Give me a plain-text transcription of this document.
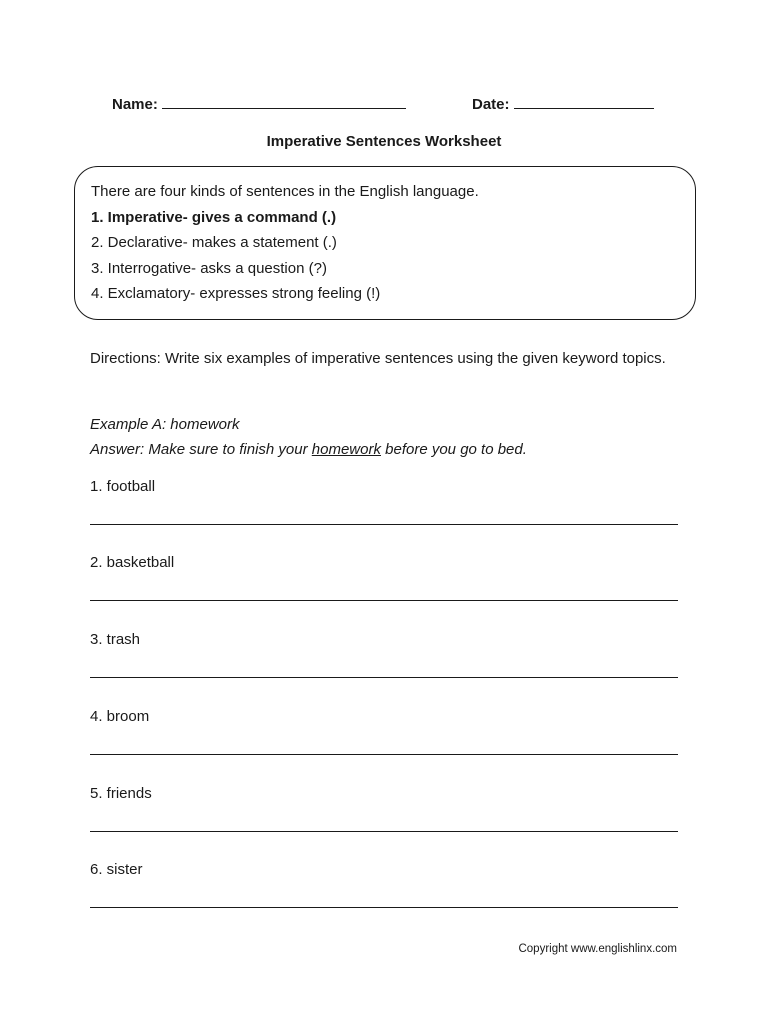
Name:	Date:
Imperative Sentences Worksheet
There are four kinds of sentences in the English language.
1. Imperative- gives a command (.)
2. Declarative- makes a statement (.)
3. Interrogative- asks a question (?)
4. Exclamatory- expresses strong feeling (!)
Directions: Write six examples of imperative sentences using the given keyword topics.
Example A: homework
Answer: Make sure to finish your homework before you go to bed.
1. football
2. basketball
3. trash
4. broom
5. friends
6. sister
Copyright www.englishlinx.com
